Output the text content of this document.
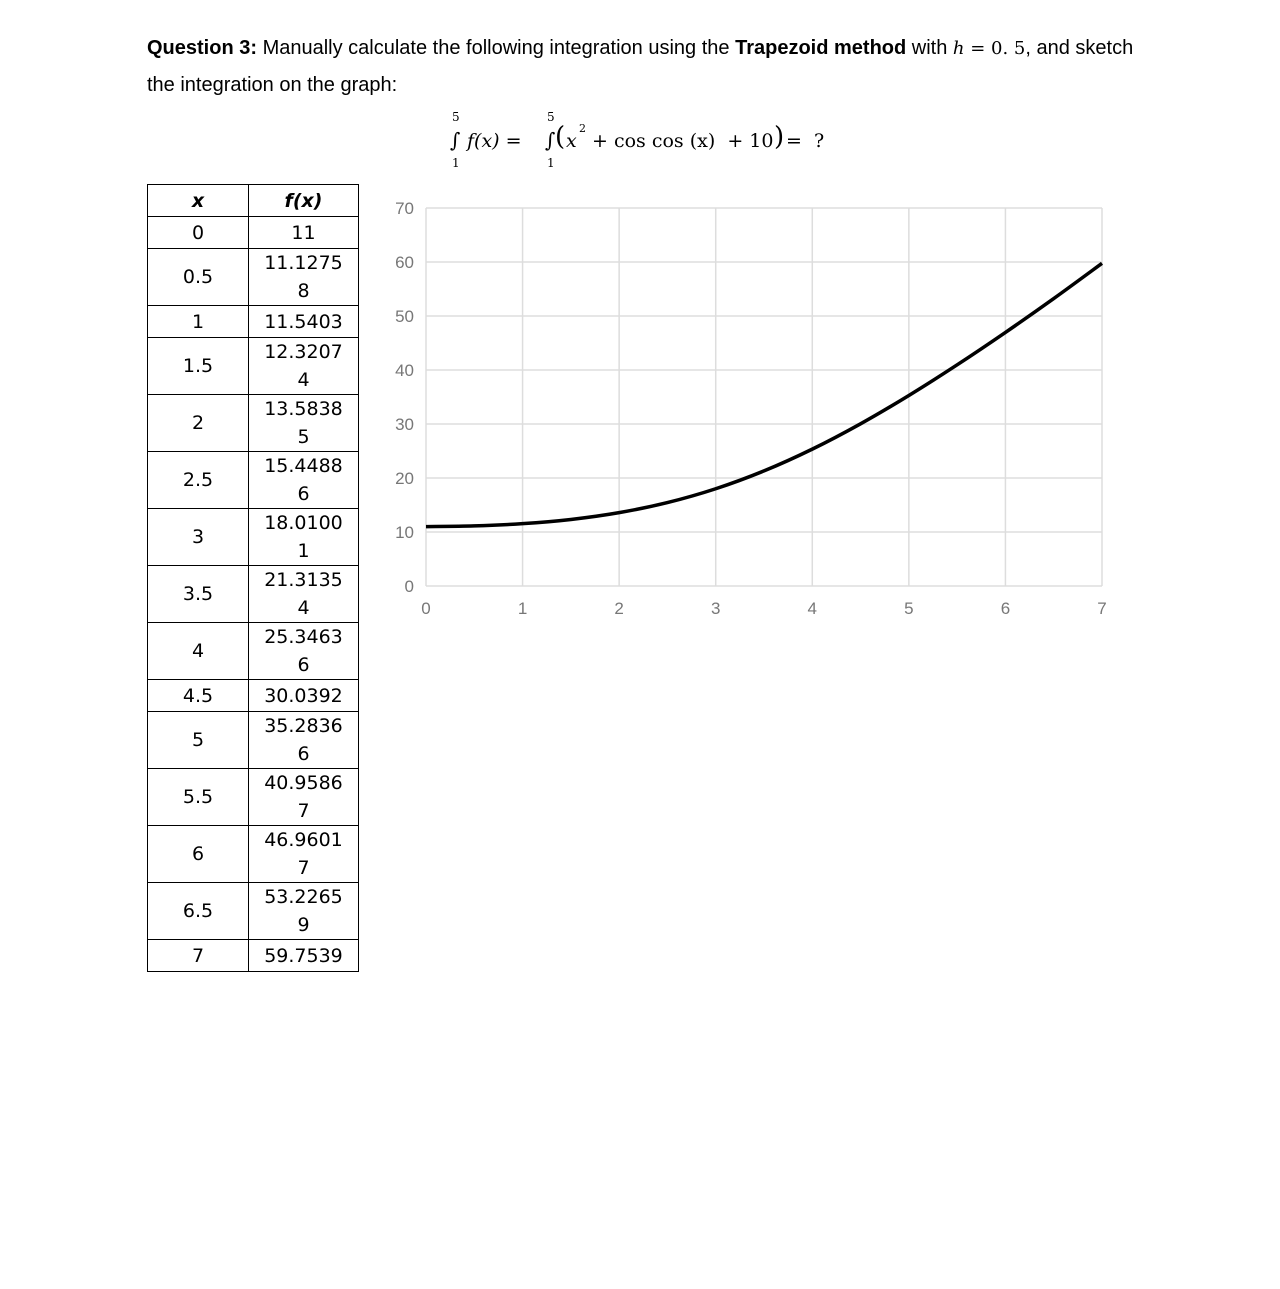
Question 3: Manually calculate the following integration using the Trapezoid method with h = 0. 5, and sketch the integration on the graph:
5
∫
1
f(x) =
5
∫
1
( x
2
+ cos cos (x)  + 10 ) =  ?
x	f(x)
0	11

0.5	11.1275
8

1	11.5403

1.5	12.3207
4

2	13.5838
5

2.5	15.4488
6

3	18.0100
1

3.5	21.3135
4

4	25.3463
6

4.5	30.0392

5	35.2836
6

5.5	40.9586
7

6	46.9601
7

6.5	53.2265
9

7	59.7539
0
10
20
30
40
50
60
70
0	1	2	3	4	5	6	7
